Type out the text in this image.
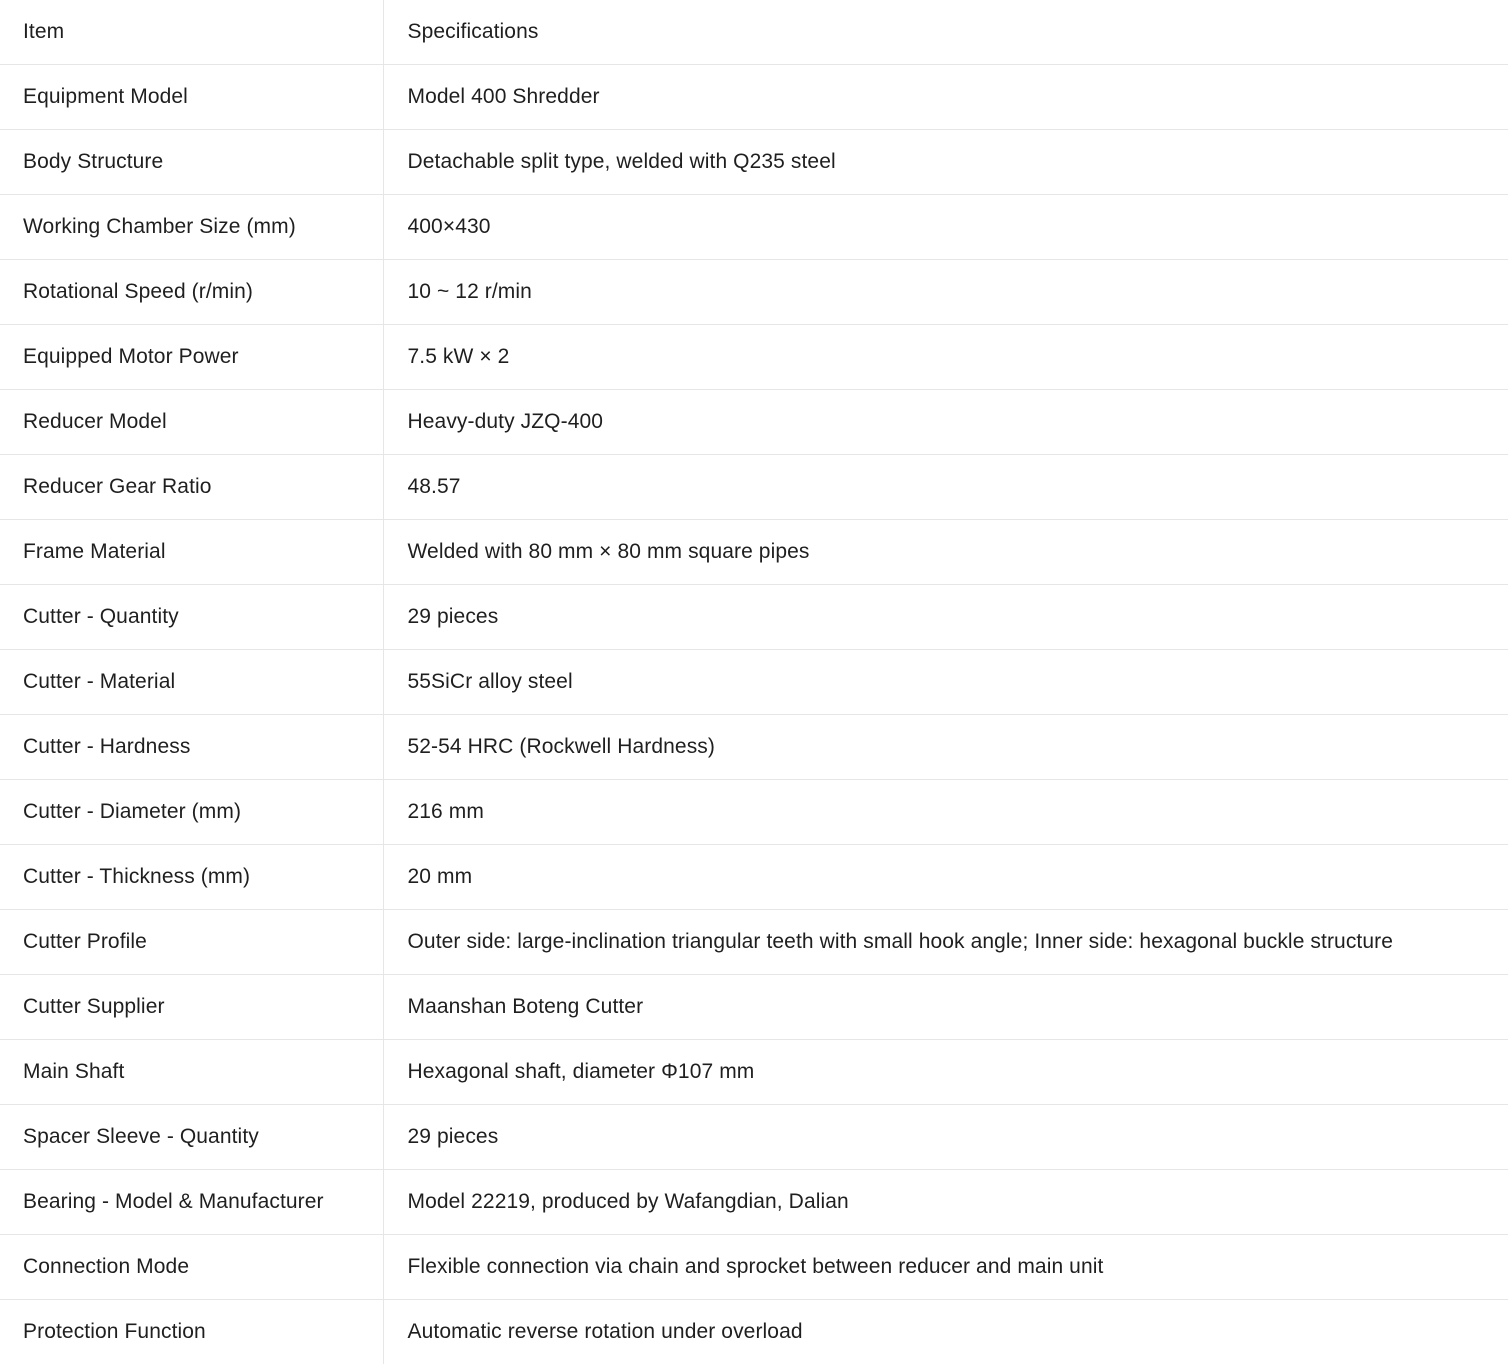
Item	Specifications
Equipment Model	Model 400 Shredder
Body Structure	Detachable split type, welded with Q235 steel
Working Chamber Size (mm)	400×430
Rotational Speed (r/min)	10 ~ 12 r/min
Equipped Motor Power	7.5 kW × 2
Reducer Model	Heavy-duty JZQ-400
Reducer Gear Ratio	48.57
Frame Material	Welded with 80 mm × 80 mm square pipes
Cutter - Quantity	29 pieces
Cutter - Material	55SiCr alloy steel
Cutter - Hardness	52-54 HRC (Rockwell Hardness)
Cutter - Diameter (mm)	216 mm
Cutter - Thickness (mm)	20 mm
Cutter Profile	Outer side: large-inclination triangular teeth with small hook angle; Inner side: hexagonal buckle structure
Cutter Supplier	Maanshan Boteng Cutter
Main Shaft	Hexagonal shaft, diameter Φ107 mm
Spacer Sleeve - Quantity	29 pieces
Bearing - Model & Manufacturer	Model 22219, produced by Wafangdian, Dalian
Connection Mode	Flexible connection via chain and sprocket between reducer and main unit
Protection Function	Automatic reverse rotation under overload
